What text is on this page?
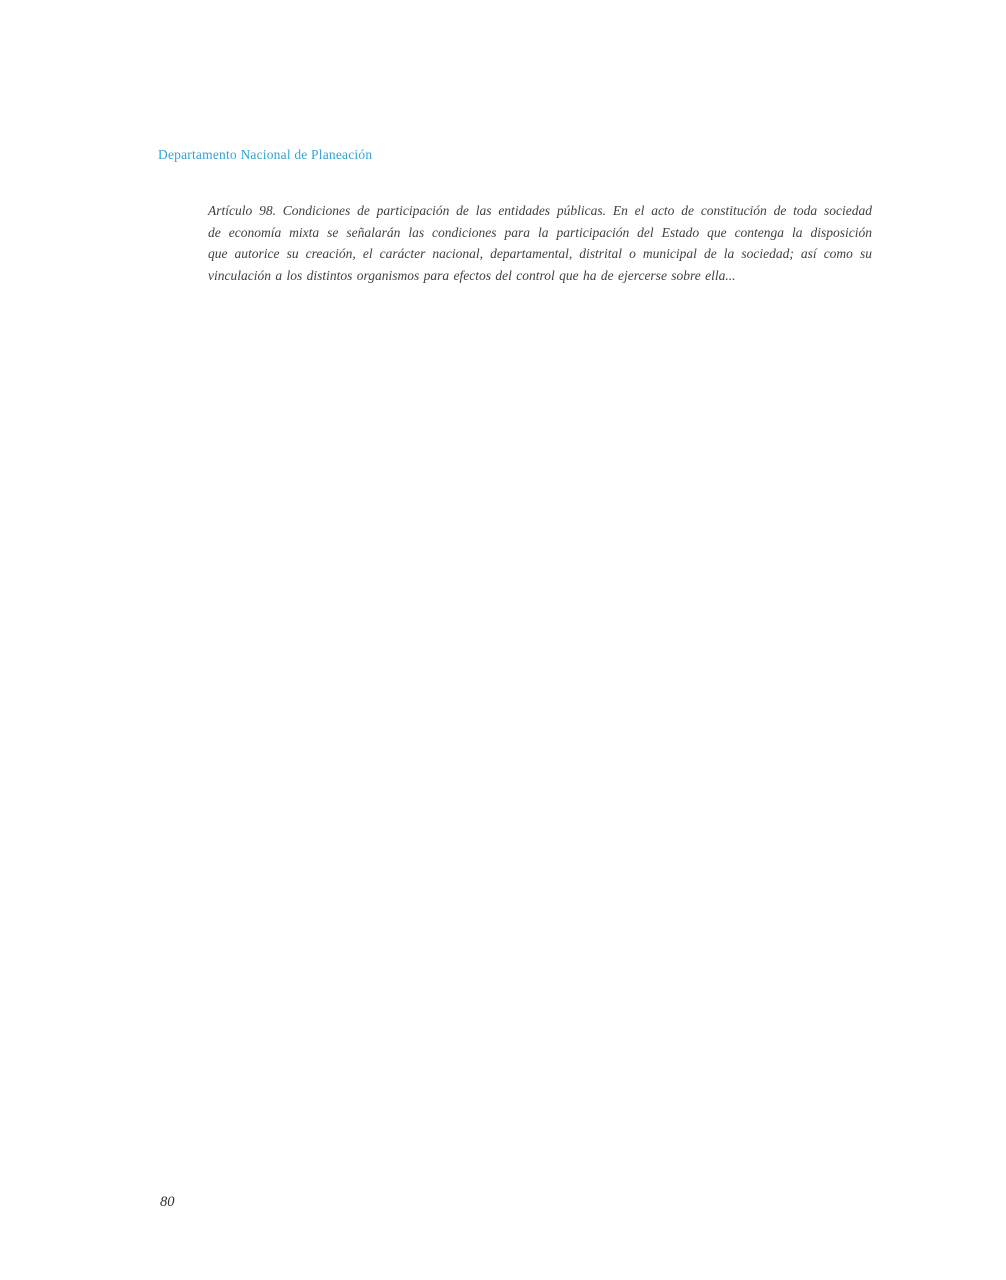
Departamento Nacional de Planeación
Artículo 98. Condiciones de participación de las entidades públicas. En el acto de constitución de toda sociedad
de economía mixta se señalarán las condiciones para la participación del Estado que contenga la disposición
que autorice su creación, el carácter nacional, departamental, distrital o municipal de la sociedad; así como su
vinculación a los distintos organismos para efectos del control que ha de ejercerse sobre ella...
80
